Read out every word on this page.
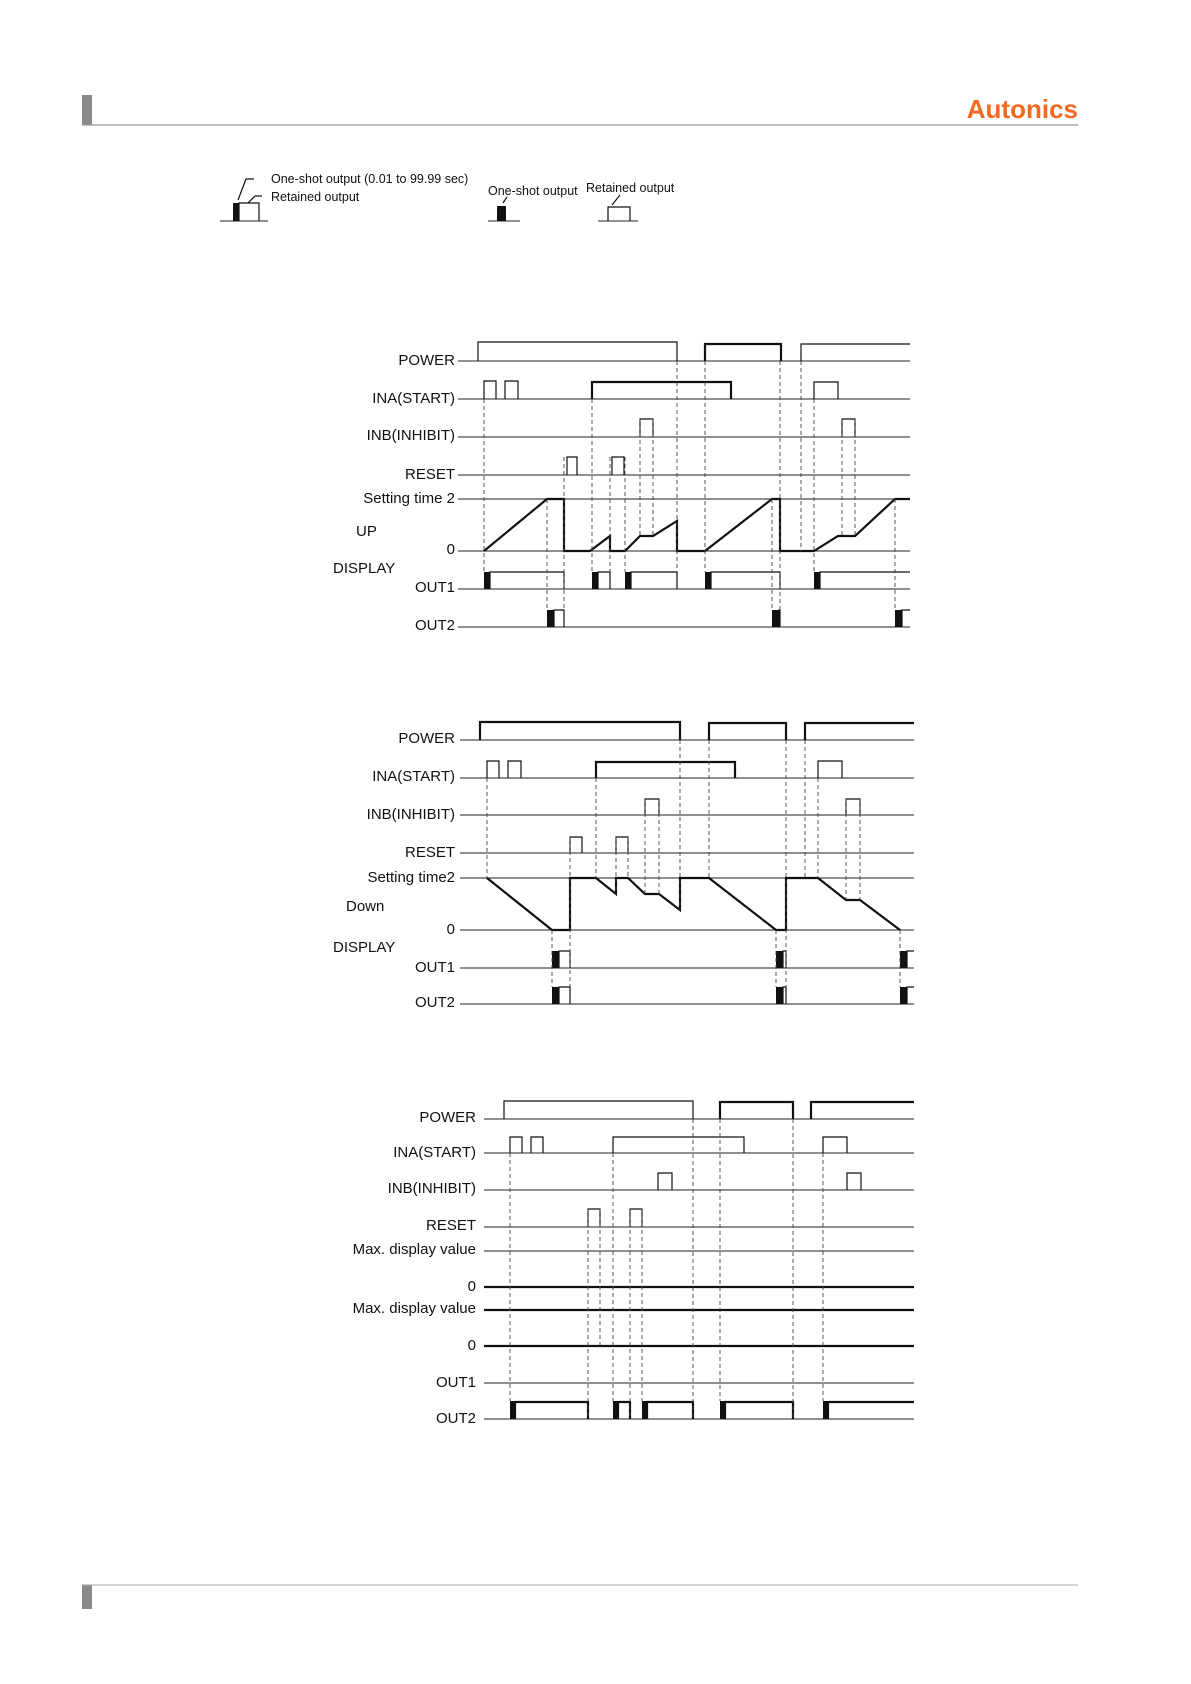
Autonics
One-shot output (0.01 to 99.99 sec)
Retained output	One-shot output Retained output
POWER
INA(START)
INB(INHIBIT)
RESET
Setting time 2
UP
0
DISPLAY
OUT1
OUT2
POWER
INA(START)
INB(INHIBIT)
RESET
Setting time2
Down
0
DISPLAY
OUT1
OUT2
POWER
INA(START)
INB(INHIBIT)
RESET
Max. display value
0
Max. display value
0
OUT1
OUT2
